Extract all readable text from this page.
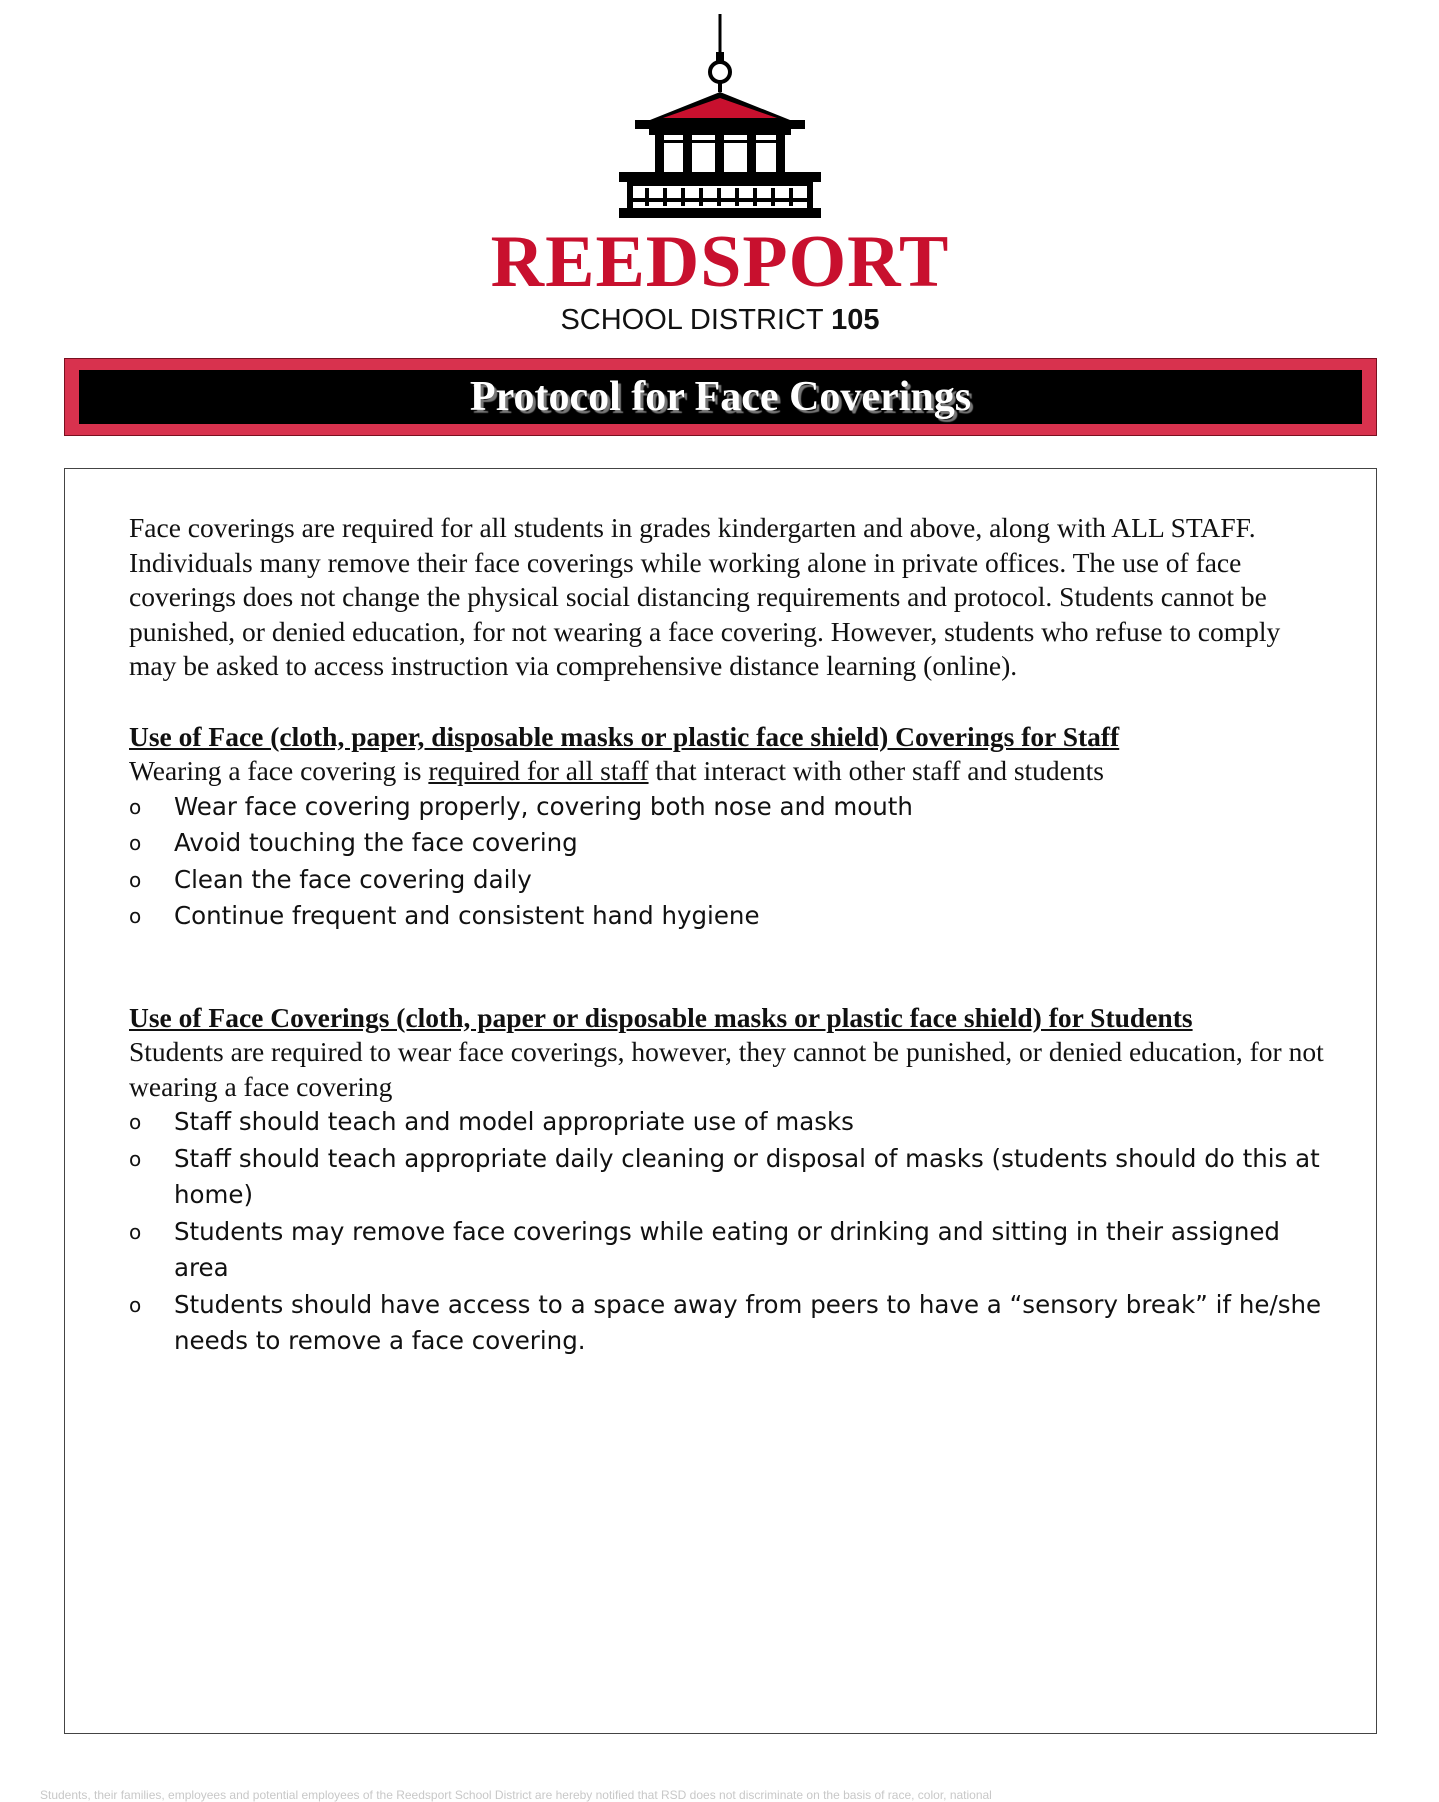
REEDSPORT
SCHOOL DISTRICT 105
Protocol for Face Coverings

Face coverings are required for all students in grades kindergarten and above, along with ALL STAFF. Individuals many remove their face coverings while working alone in private offices. The use of face coverings does not change the physical social distancing requirements and protocol. Students cannot be punished, or denied education, for not wearing a face covering. However, students who refuse to comply may be asked to access instruction via comprehensive distance learning (online).

Use of Face (cloth, paper, disposable masks or plastic face shield) Coverings for Staff

Wearing a face covering is required for all staff that interact with other staff and students

o Wear face covering properly, covering both nose and mouth
o Avoid touching the face covering
o Clean the face covering daily
o Continue frequent and consistent hand hygiene

Use of Face Coverings (cloth, paper or disposable masks or plastic face shield) for Students

Students are required to wear face coverings, however, they cannot be punished, or denied education, for not wearing a face covering

o Staff should teach and model appropriate use of masks
o Staff should teach appropriate daily cleaning or disposal of masks (students should do this at home)
o Students may remove face coverings while eating or drinking and sitting in their assigned area
o Students should have access to a space away from peers to have a “sensory break” if he/she needs to remove a face covering.
Students, their families, employees and potential employees of the Reedsport School District are hereby notified that RSD does not discriminate on the basis of race, color, national
